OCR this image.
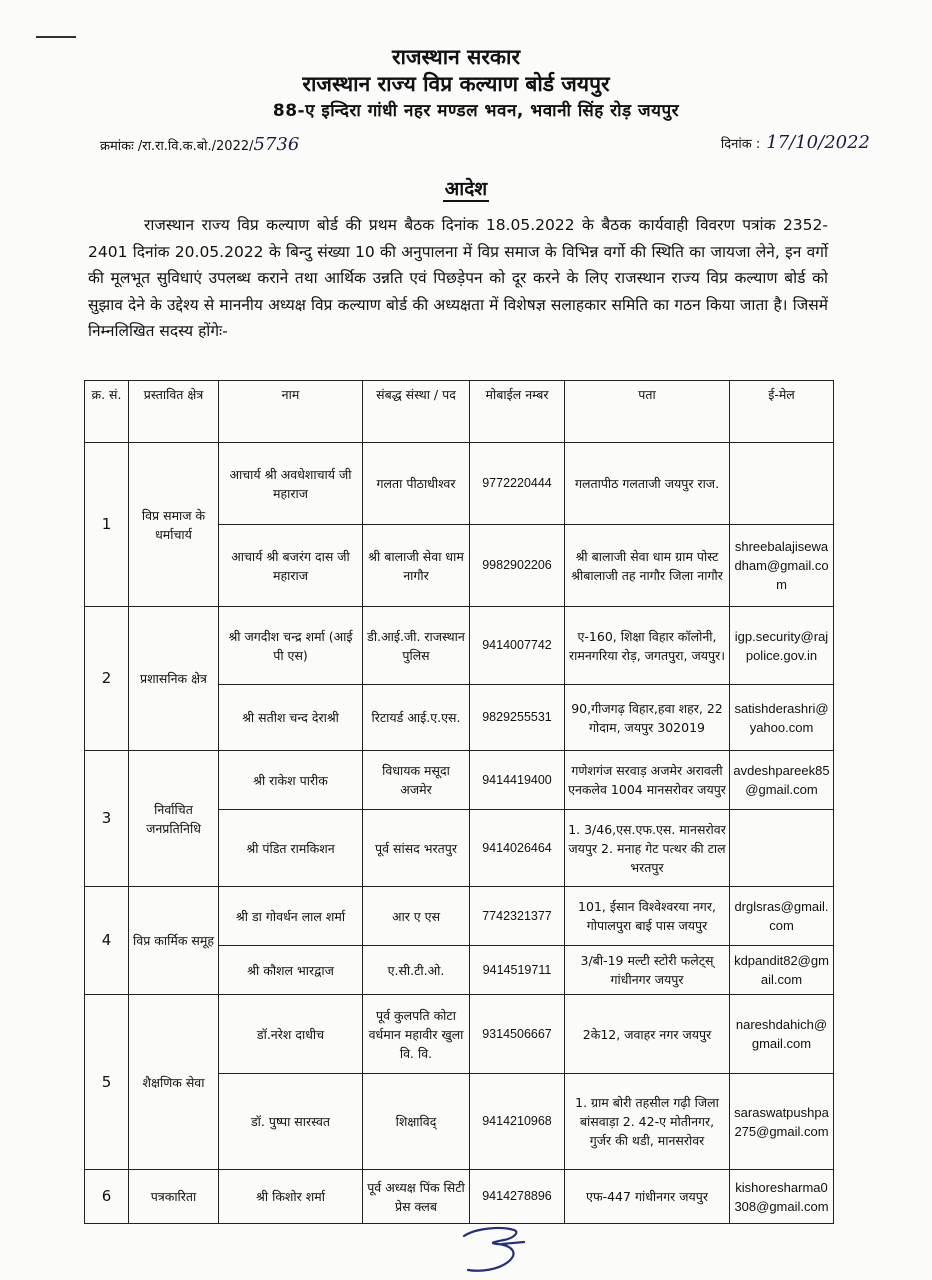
राजस्थान सरकार
राजस्थान राज्य विप्र कल्याण बोर्ड जयपुर
88-ए इन्दिरा गांधी नहर मण्डल भवन, भवानी सिंह रोड़ जयपुर
क्रमांकः /रा.रा.वि.क.बो./2022/5736	दिनांक : 17/10/2022
आदेश
राजस्थान राज्य विप्र कल्याण बोर्ड की प्रथम बैठक दिनांक 18.05.2022 के बैठक कार्यवाही विवरण पत्रांक 2352-2401 दिनांक 20.05.2022 के बिन्दु संख्या 10 की अनुपालना में विप्र समाज के विभिन्न वर्गो की स्थिति का जायजा लेने, इन वर्गो की मूलभूत सुविधाएं उपलब्ध कराने तथा आर्थिक उन्नति एवं पिछड़ेपन को दूर करने के लिए राजस्थान राज्य विप्र कल्याण बोर्ड को सुझाव देने के उद्देश्य से माननीय अध्यक्ष विप्र कल्याण बोर्ड की अध्यक्षता में विशेषज्ञ सलाहकार समिति का गठन किया जाता है। जिसमें निम्नलिखित सदस्य होंगेः-
क्र. सं.	प्रस्तावित क्षेत्र	नाम	संबद्ध संस्था / पद	मोबाईल नम्बर	पता	ई-मेल
1	विप्र समाज के धर्माचार्य	आचार्य श्री अवधेशाचार्य जी महाराज	गलता पीठाधीश्वर	9772220444	गलतापीठ गलताजी जयपुर राज.	
		आचार्य श्री बजरंग दास जी महाराज	श्री बालाजी सेवा धाम नागौर	9982902206	श्री बालाजी सेवा धाम ग्राम पोस्ट श्रीबालाजी तह नागौर जिला नागौर	shreebalajisewadham@gmail.com
2	प्रशासनिक क्षेत्र	श्री जगदीश चन्द्र शर्मा (आई पी एस)	डी.आई.जी. राजस्थान पुलिस	9414007742	ए-160, शिक्षा विहार कॉलोनी, रामनगरिया रोड़, जगतपुरा, जयपुर।	igp.security@rajpolice.gov.in
		श्री सतीश चन्द देराश्री	रिटायर्ड आई.ए.एस.	9829255531	90,गीजगढ़ विहार,हवा शहर, 22 गोदाम, जयपुर 302019	satishderashri@yahoo.com
3	निर्वाचित जनप्रतिनिधि	श्री राकेश पारीक	विधायक मसूदा अजमेर	9414419400	गणेशगंज सरवाड़ अजमेर अरावली एनकलेव 1004 मानसरोवर जयपुर	avdeshpareek85@gmail.com
		श्री पंडित रामकिशन	पूर्व सांसद भरतपुर	9414026464	1. 3/46,एस.एफ.एस. मानसरोवर जयपुर 2. मनाह गेट पत्थर की टाल भरतपुर	
4	विप्र कार्मिक समूह	श्री डा गोवर्धन लाल शर्मा	आर ए एस	7742321377	101, ईसान विश्वेश्वरया नगर, गोपालपुरा बाई पास जयपुर	drglsras@gmail.com
		श्री कौशल भारद्वाज	ए.सी.टी.ओ.	9414519711	3/बी-19 मल्टी स्टोरी फलेट्स् गांधीनगर जयपुर	kdpandit82@gmail.com
5	शैक्षणिक सेवा	डॉ.नरेश दाधीच	पूर्व कुलपति कोटा वर्धमान महावीर खुला वि. वि.	9314506667	2के12, जवाहर नगर जयपुर	nareshdahich@gmail.com
		डॉ. पुष्पा सारस्वत	शिक्षाविद्	9414210968	1. ग्राम बोरी तहसील गढ़ी जिला बांसवाड़ा 2. 42-ए मोतीनगर, गुर्जर की थडी, मानसरोवर	saraswatpushpa275@gmail.com
6	पत्रकारिता	श्री किशोर शर्मा	पूर्व अध्यक्ष पिंक सिटी प्रेस क्लब	9414278896	एफ-447 गांधीनगर जयपुर	kishoresharma0308@gmail.com
